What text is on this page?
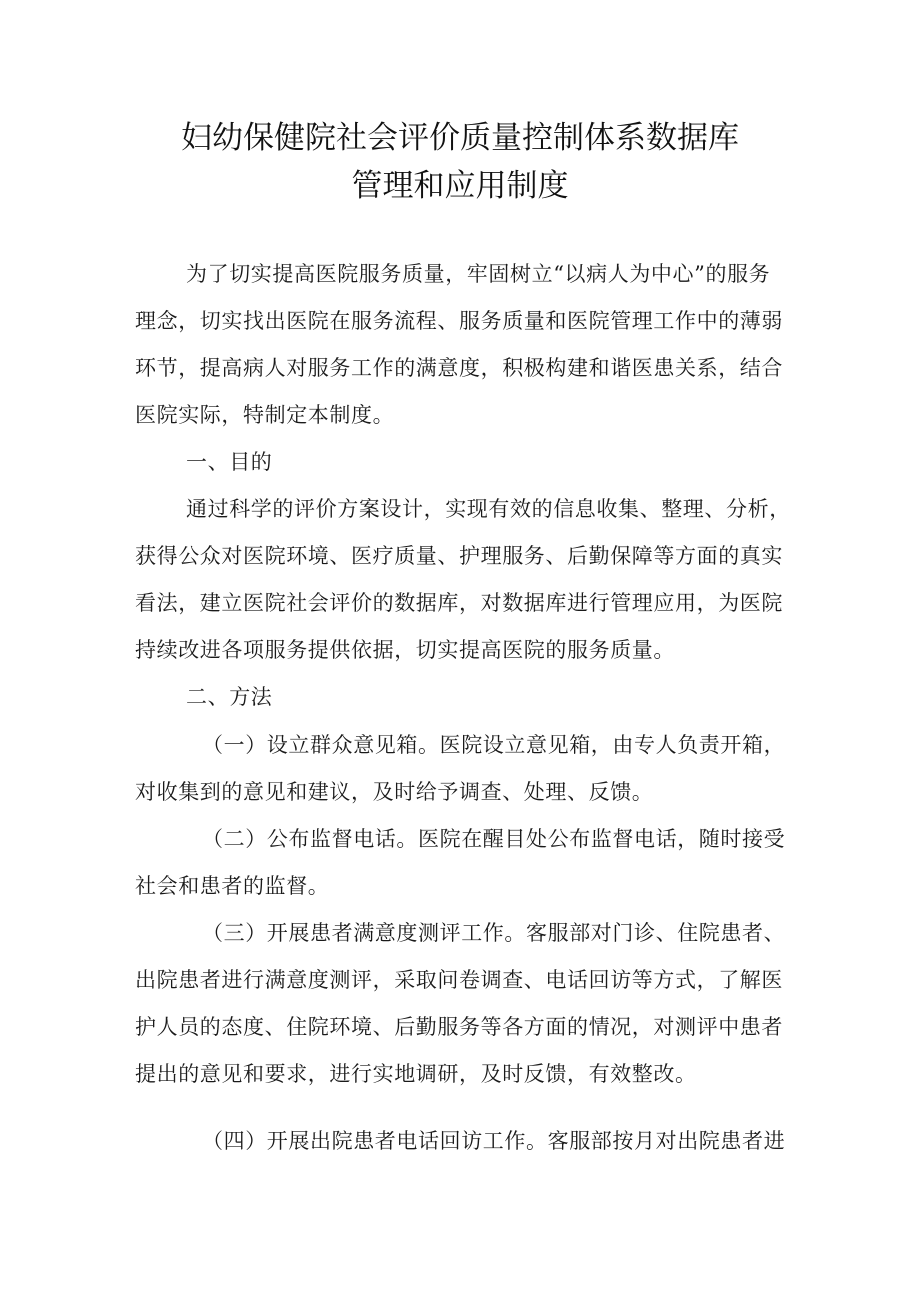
妇幼保健院社会评价质量控制体系数据库
管理和应用制度
为了切实提高医院服务质量，牢固树立“以病人为中心”的服务
理念，切实找出医院在服务流程、服务质量和医院管理工作中的薄弱
环节，提高病人对服务工作的满意度，积极构建和谐医患关系，结合
医院实际，特制定本制度。
一、目的
通过科学的评价方案设计，实现有效的信息收集、整理、分析，
获得公众对医院环境、医疗质量、护理服务、后勤保障等方面的真实
看法，建立医院社会评价的数据库，对数据库进行管理应用，为医院
持续改进各项服务提供依据，切实提高医院的服务质量。
二、方法
（一）设立群众意见箱。医院设立意见箱，由专人负责开箱，
对收集到的意见和建议，及时给予调查、处理、反馈。
（二）公布监督电话。医院在醒目处公布监督电话，随时接受
社会和患者的监督。
（三）开展患者满意度测评工作。客服部对门诊、住院患者、
出院患者进行满意度测评，采取问卷调查、电话回访等方式，了解医
护人员的态度、住院环境、后勤服务等各方面的情况，对测评中患者
提出的意见和要求，进行实地调研，及时反馈，有效整改。
（四）开展出院患者电话回访工作。客服部按月对出院患者进
